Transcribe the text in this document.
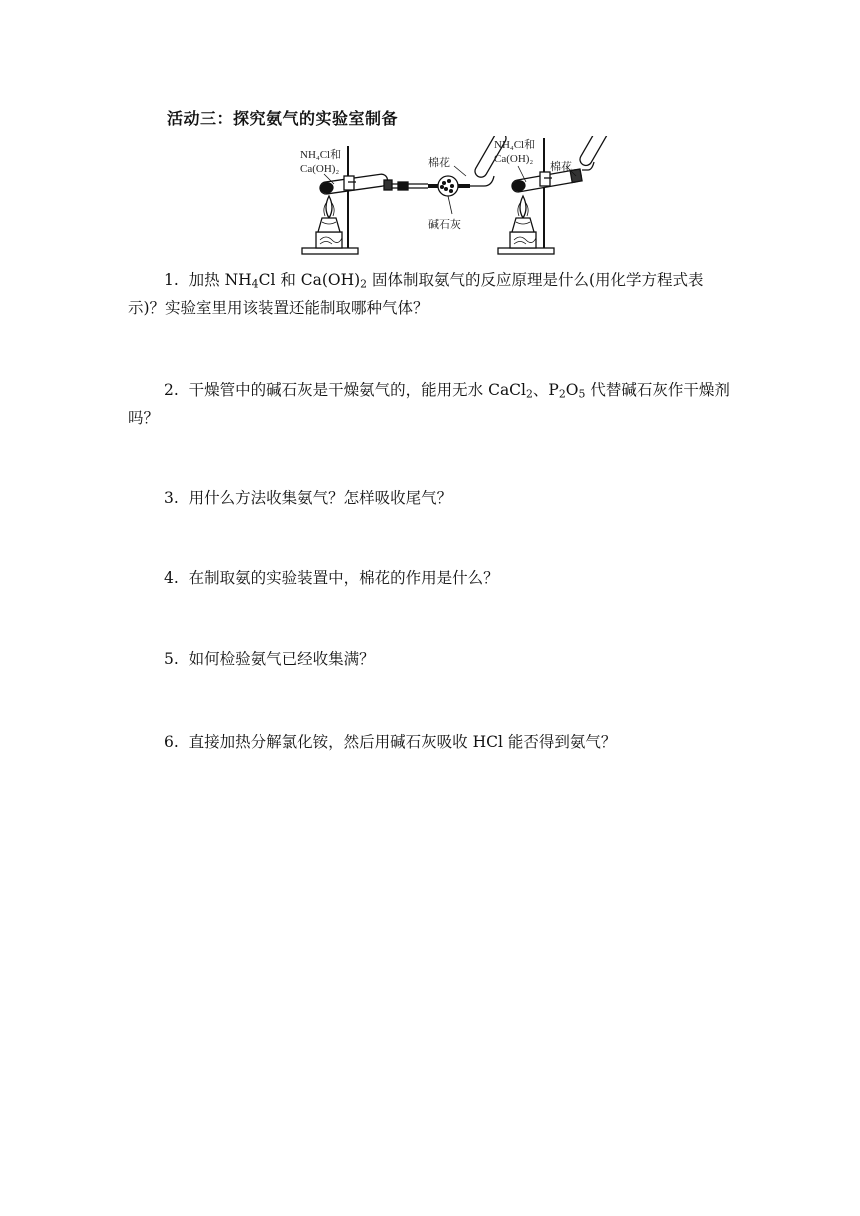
活动三：探究氨气的实验室制备
NH₄Cl和
Ca(OH)₂	棉花
碱石灰
NH₄Cl和
Ca(OH)₂
棉花
1. 加热 $NH_4Cl$ 和 $Ca(OH)_2$ 固体制取氨气的反应原理是什么(用化学方程式表示)？实验室里用该装置还能制取哪种气体？
2. 干燥管中的碱石灰是干燥氨气的，能用无水 CaCl$_2$、$P_2O_5$ 代替碱石灰作干燥剂吗？
3. 用什么方法收集氨气？怎样吸收尾气？
4. 在制取氨的实验装置中，棉花的作用是什么？
5. 如何检验氨气已经收集满？
6. 直接加热分解氯化铵，然后用碱石灰吸收 HCl 能否得到氨气？
